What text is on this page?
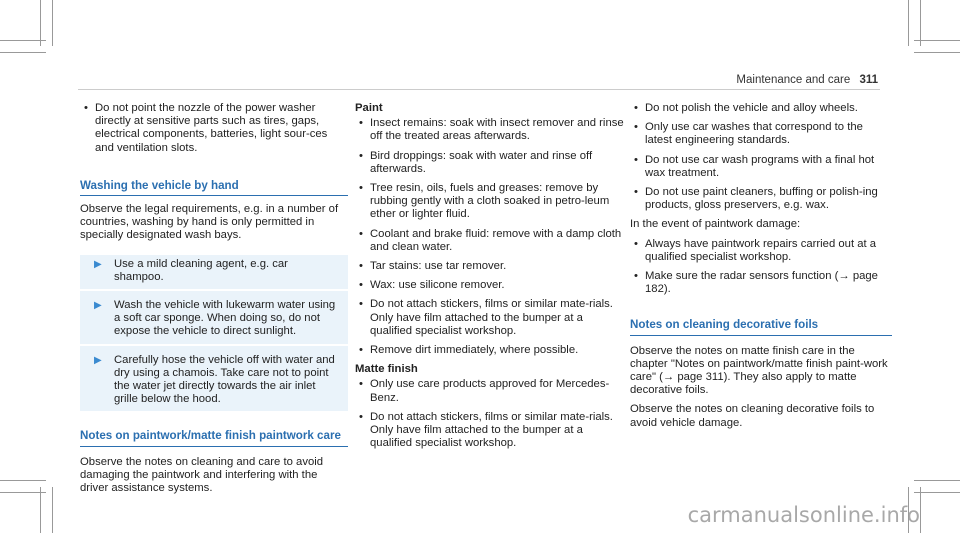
Maintenance and care 311
• Do not point the nozzle of the power washer directly at sensitive parts such as tires, gaps, electrical components, batteries, light sour‐ces and ventilation slots.
Washing the vehicle by hand

Observe the legal requirements, e.g. in a number of countries, washing by hand is only permitted in specially designated wash bays.

▶ Use a mild cleaning agent, e.g. car shampoo.
▶ Wash the vehicle with lukewarm water using a soft car sponge. When doing so, do not expose the vehicle to direct sunlight.
▶ Carefully hose the vehicle off with water and dry using a chamois. Take care not to point the water jet directly towards the air inlet grille below the hood.
Notes on paintwork/matte finish paintwork care

Observe the notes on cleaning and care to avoid damaging the paintwork and interfering with the driver assistance systems.

Paint
• Insect remains: soak with insect remover and rinse off the treated areas afterwards.
• Bird droppings: soak with water and rinse off afterwards.
• Tree resin, oils, fuels and greases: remove by rubbing gently with a cloth soaked in petro‐leum ether or lighter fluid.
• Coolant and brake fluid: remove with a damp cloth and clean water.
• Tar stains: use tar remover.
• Wax: use silicone remover.
• Do not attach stickers, films or similar mate‐rials. Only have film attached to the bumper at a qualified specialist workshop.
• Remove dirt immediately, where possible.
Matte finish
• Only use care products approved for Mercedes-Benz.
• Do not attach stickers, films or similar mate‐rials. Only have film attached to the bumper at a qualified specialist workshop.
• Do not polish the vehicle and alloy wheels.
• Only use car washes that correspond to the latest engineering standards.
• Do not use car wash programs with a final hot wax treatment.
• Do not use paint cleaners, buffing or polish‐ing products, gloss preservers, e.g. wax.

In the event of paintwork damage:

• Always have paintwork repairs carried out at a qualified specialist workshop.
• Make sure the radar sensors function (→ page 182).
Notes on cleaning decorative foils

Observe the notes on matte finish care in the chapter "Notes on paintwork/matte finish paint‐work care" (→ page 311). They also apply to matte decorative foils.

Observe the notes on cleaning decorative foils to avoid vehicle damage.

carmanualsonline.info
